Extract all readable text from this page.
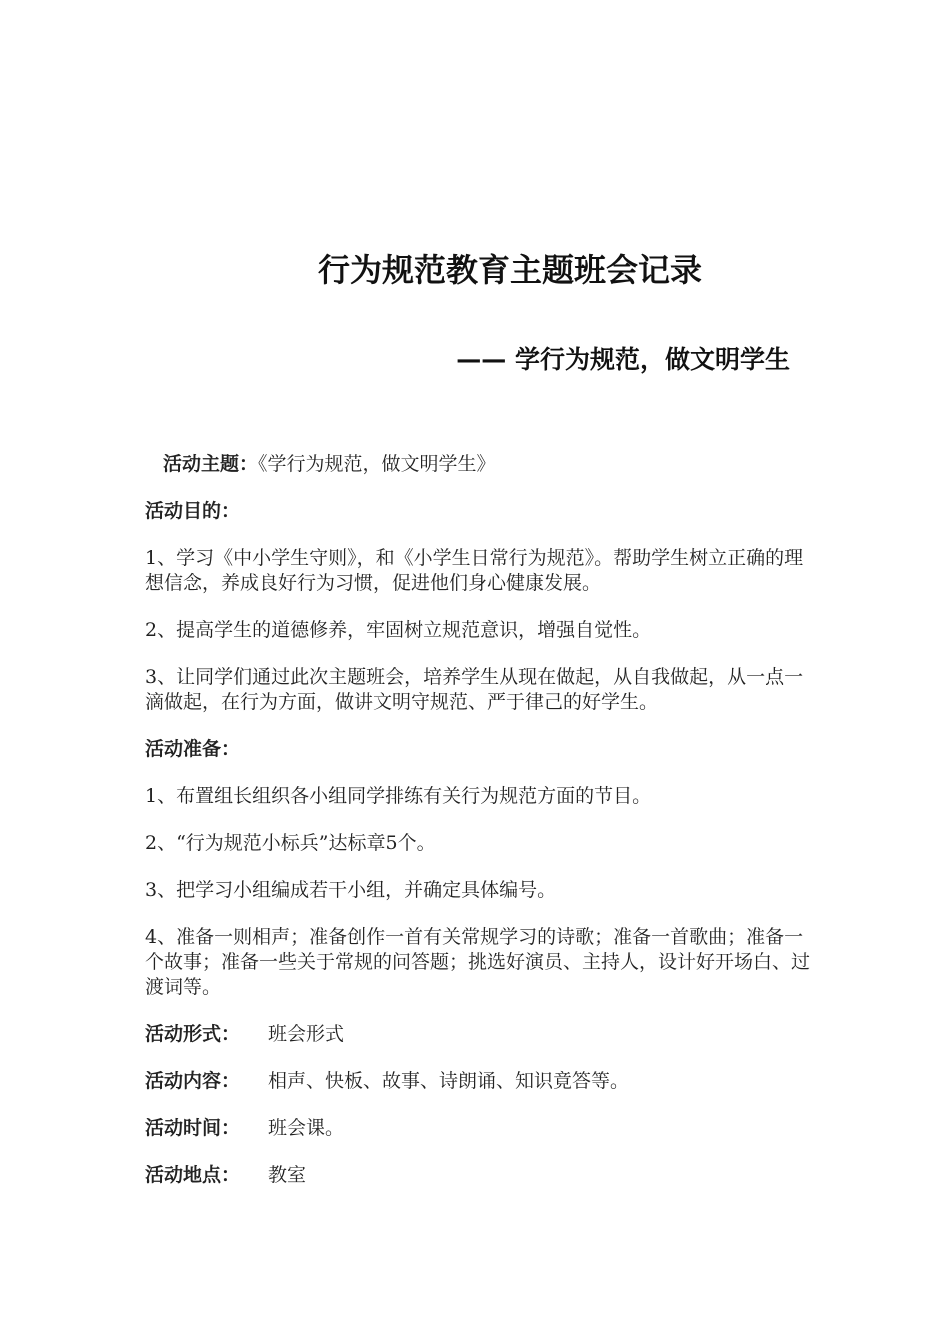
行为规范教育主题班会记录
—— 学行为规范，做文明学生

活动主题：《学行为规范，做文明学生》

活动目的：

1、学习《中小学生守则》，和《小学生日常行为规范》。帮助学生树立正确的理想信念，养成良好行为习惯，促进他们身心健康发展。

2、提高学生的道德修养，牢固树立规范意识，增强自觉性。

3、让同学们通过此次主题班会，培养学生从现在做起，从自我做起，从一点一滴做起，在行为方面，做讲文明守规范、严于律己的好学生。

活动准备：

1、布置组长组织各小组同学排练有关行为规范方面的节目。

2、“行为规范小标兵”达标章5个。

3、把学习小组编成若干小组，并确定具体编号。

4、准备一则相声；准备创作一首有关常规学习的诗歌；准备一首歌曲；准备一个故事；准备一些关于常规的问答题；挑选好演员、主持人，设计好开场白、过渡词等。

活动形式： 班会形式

活动内容： 相声、快板、故事、诗朗诵、知识竟答等。

活动时间： 班会课。

活动地点： 教室
